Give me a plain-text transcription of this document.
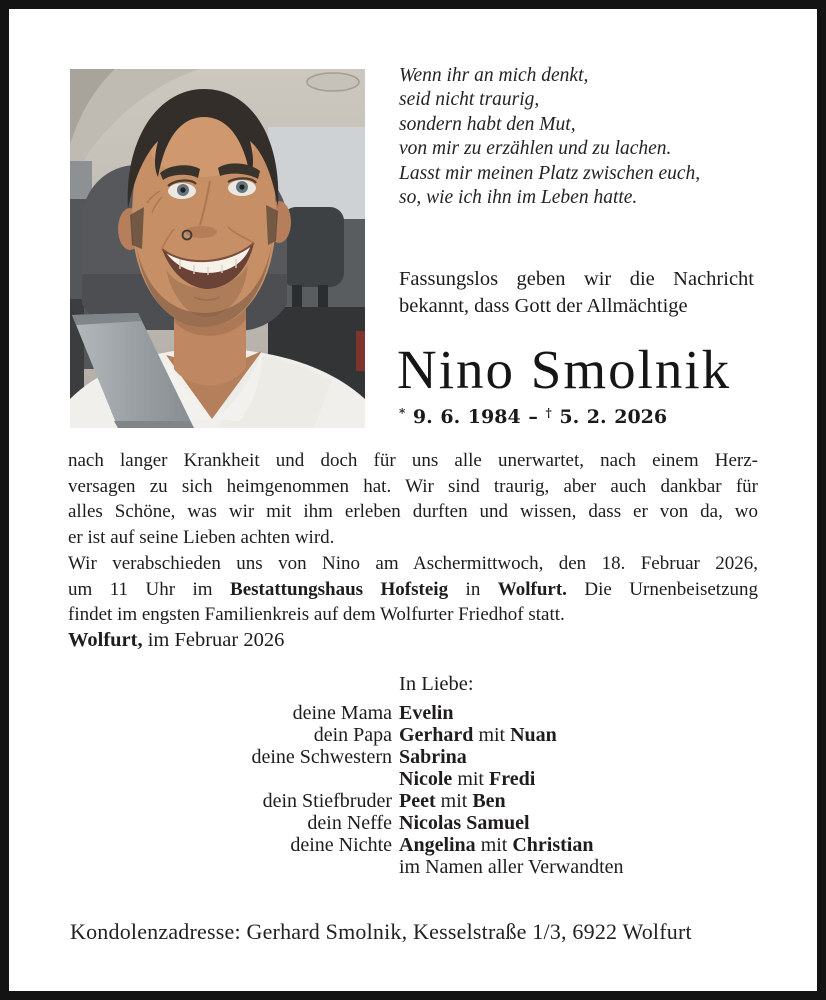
Wenn ihr an mich denkt,
seid nicht traurig,
sondern habt den Mut,
von mir zu erzählen und zu lachen.
Lasst mir meinen Platz zwischen euch,
so, wie ich ihn im Leben hatte.
Fassungslos geben wir die Nachricht
bekannt, dass Gott der Allmächtige
Nino Smolnik
* 9. 6. 1984 – † 5. 2. 2026
nach langer Krankheit und doch für uns alle unerwartet, nach einem Herz-
versagen zu sich heimgenommen hat. Wir sind traurig, aber auch dankbar für
alles Schöne, was wir mit ihm erleben durften und wissen, dass er von da, wo
er ist auf seine Lieben achten wird.
Wir verabschieden uns von Nino am Aschermittwoch, den 18. Februar 2026,
um 11 Uhr im Bestattungshaus Hofsteig in Wolfurt. Die Urnenbeisetzung
findet im engsten Familienkreis auf dem Wolfurter Friedhof statt.
Wolfurt, im Februar 2026
In Liebe:
deine Mama Evelin
dein Papa Gerhard mit Nuan
deine Schwestern Sabrina
Nicole mit Fredi
dein Stiefbruder Peet mit Ben
dein Neffe Nicolas Samuel
deine Nichte Angelina mit Christian
im Namen aller Verwandten
Kondolenzadresse: Gerhard Smolnik, Kesselstraße 1/3, 6922 Wolfurt
